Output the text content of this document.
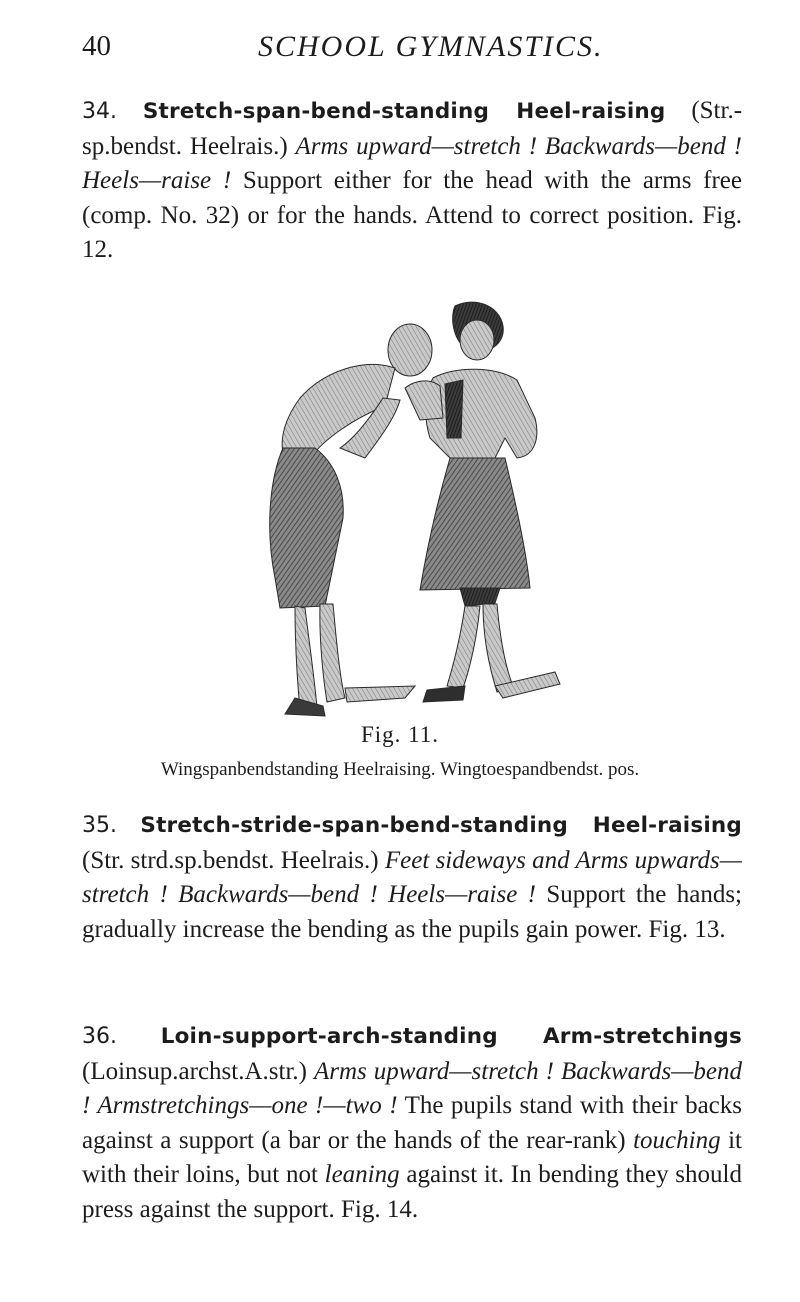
40	SCHOOL GYMNASTICS.

34. Stretch-span-bend-standing Heel-raising (Str.-sp.bendst. Heelrais.) Arms upward—stretch ! Backwards—bend ! Heels—raise ! Support either for the head with the arms free (comp. No. 32) or for the hands. Attend to correct position. Fig. 12.

Fig. 11.
Wingspanbendstanding Heelraising. Wingtoespandbendst. pos.

35. Stretch-stride-span-bend-standing Heel-raising (Str. strd.sp.bendst. Heelrais.) Feet sideways and Arms upwards—stretch ! Backwards—bend ! Heels—raise ! Support the hands; gradually increase the bending as the pupils gain power. Fig. 13.

36. Loin-support-arch-standing Arm-stretchings (Loinsup.archst.A.str.) Arms upward—stretch ! Backwards—bend ! Armstretchings—one !—two ! The pupils stand with their backs against a support (a bar or the hands of the rear-rank) touching it with their loins, but not leaning against it. In bending they should press against the support. Fig. 14.
